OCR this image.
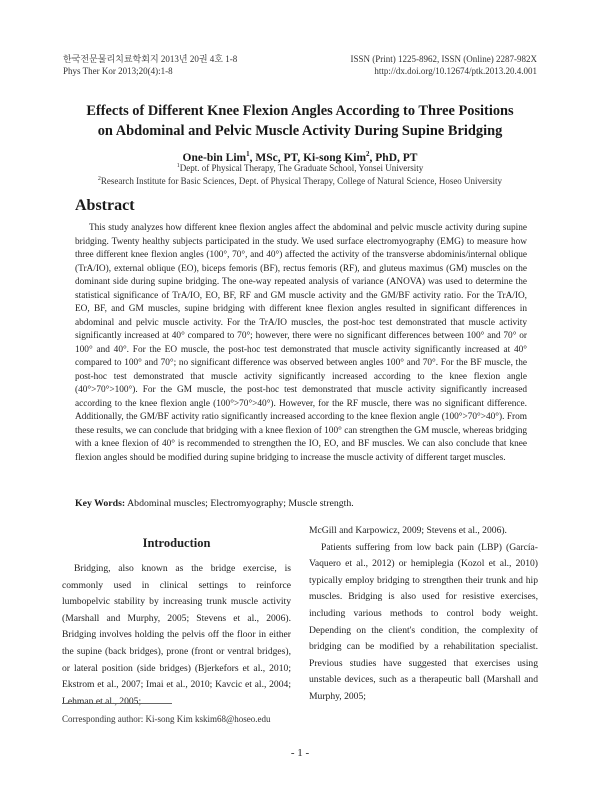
한국전문물리치료학회지 2013년 20권 4호 1-8
Phys Ther Kor 2013;20(4):1-8
ISSN (Print) 1225-8962, ISSN (Online) 2287-982X
http://dx.doi.org/10.12674/ptk.2013.20.4.001
Effects of Different Knee Flexion Angles According to Three Positions
on Abdominal and Pelvic Muscle Activity During Supine Bridging
One-bin Lim$^1$, MSc, PT, Ki-song Kim$^2$, PhD, PT
$^1$Dept. of Physical Therapy, The Graduate School, Yonsei University
$^2$Research Institute for Basic Sciences, Dept. of Physical Therapy, College of Natural Science, Hoseo University
Abstract

This study analyzes how different knee flexion angles affect the abdominal and pelvic muscle activity during supine bridging. Twenty healthy subjects participated in the study. We used surface electromyography (EMG) to measure how three different knee flexion angles (100°, 70°, and 40°) affected the activity of the transverse abdominis/internal oblique (TrA/IO), external oblique (EO), biceps femoris (BF), rectus femoris (RF), and gluteus maximus (GM) muscles on the dominant side during supine bridging. The one-way repeated analysis of variance (ANOVA) was used to determine the statistical significance of TrA/IO, EO, BF, RF and GM muscle activity and the GM/BF activity ratio. For the TrA/IO, EO, BF, and GM muscles, supine bridging with different knee flexion angles resulted in significant differences in abdominal and pelvic muscle activity. For the TrA/IO muscles, the post-hoc test demonstrated that muscle activity significantly increased at 40° compared to 70°; however, there were no significant differences between 100° and 70° or 100° and 40°. For the EO muscle, the post-hoc test demonstrated that muscle activity significantly increased at 40° compared to 100° and 70°; no significant difference was observed between angles 100° and 70°. For the BF muscle, the post-hoc test demonstrated that muscle activity significantly increased according to the knee flexion angle (40°>70°>100°). For the GM muscle, the post-hoc test demonstrated that muscle activity significantly increased according to the knee flexion angle (100°>70°>40°). However, for the RF muscle, there was no significant difference. Additionally, the GM/BF activity ratio significantly increased according to the knee flexion angle (100°>70°>40°). From these results, we can conclude that bridging with a knee flexion of 100° can strengthen the GM muscle, whereas bridging with a knee flexion of 40° is recommended to strengthen the IO, EO, and BF muscles. We can also conclude that knee flexion angles should be modified during supine bridging to increase the muscle activity of different target muscles.

Key Words: Abdominal muscles; Electromyography; Muscle strength.
Introduction

Bridging, also known as the bridge exercise, is commonly used in clinical settings to reinforce lumbopelvic stability by increasing trunk muscle activity (Marshall and Murphy, 2005; Stevens et al., 2006). Bridging involves holding the pelvis off the floor in either the supine (back bridges), prone (front or ventral bridges), or lateral position (side bridges) (Bjerkefors et al., 2010; Ekstrom et al., 2007; Imai et al., 2010; Kavcic et al., 2004; Lehman et al., 2005;

McGill and Karpowicz, 2009; Stevens et al., 2006).

Patients suffering from low back pain (LBP) (García-Vaquero et al., 2012) or hemiplegia (Kozol et al., 2010) typically employ bridging to strengthen their trunk and hip muscles. Bridging is also used for resistive exercises, including various methods to control body weight. Depending on the client's condition, the complexity of bridging can be modified by a rehabilitation specialist. Previous studies have suggested that exercises using unstable devices, such as a therapeutic ball (Marshall and Murphy, 2005;

Corresponding author: Ki-song Kim kskim68@hoseo.edu
- 1 -
